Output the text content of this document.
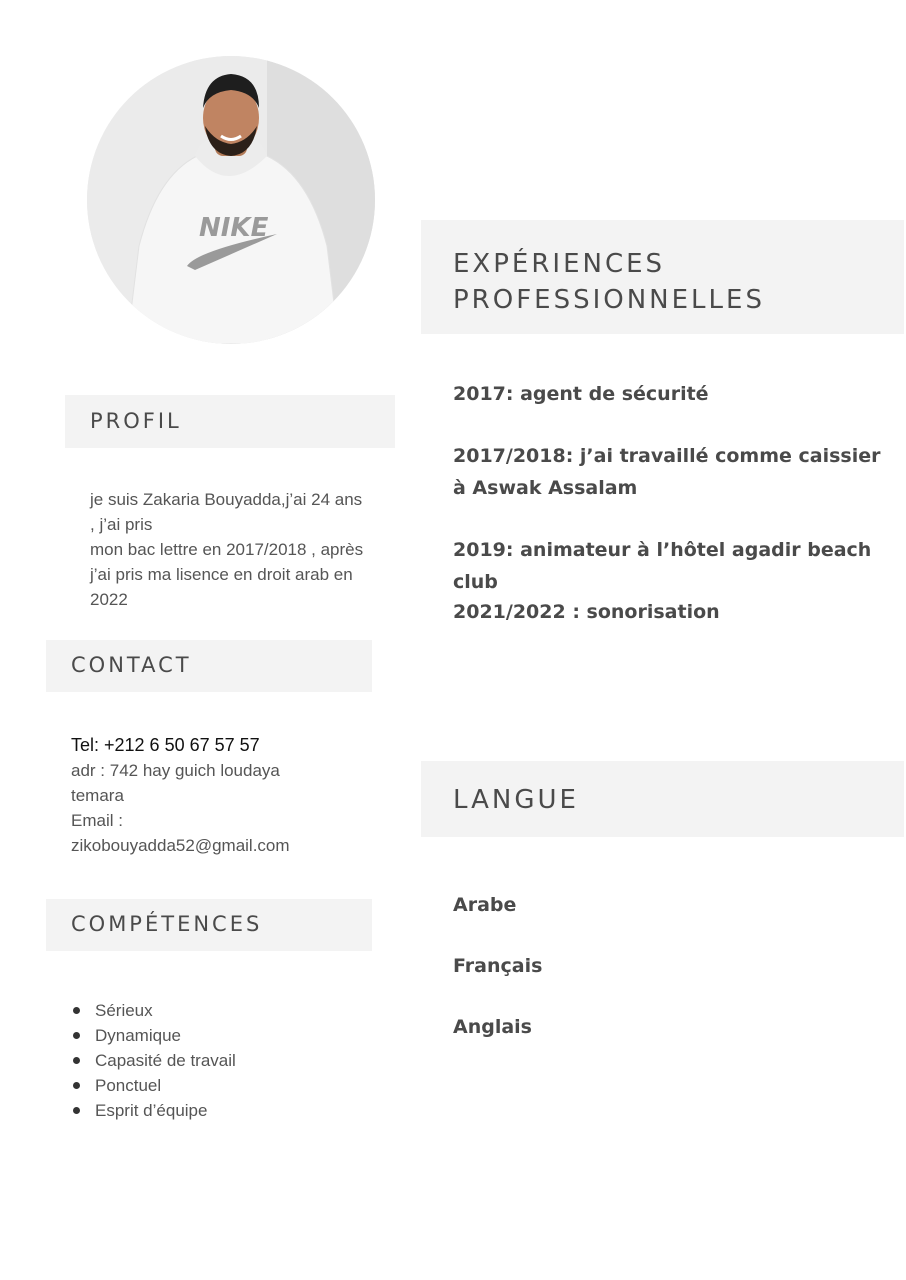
NIKE
PROFIL

je suis Zakaria Bouyadda,j’ai 24 ans
, j’ai pris
mon bac lettre en 2017/2018 , après
j’ai pris ma lisence en droit arab en
2022

CONTACT
Tel: +212 6 50 67 57 57
adr : 742 hay guich loudaya
temara
Email :
zikobouyadda52@gmail.com
COMPÉTENCES
Sérieux
Dynamique
Capasité de travail
Ponctuel
Esprit d’équipe
EXPÉRIENCES
PROFESSIONNELLES

2017: agent de sécurité

2017/2018: j’ai travaillé comme caissier à Aswak Assalam

2019: animateur à l’hôtel agadir beach club

2021/2022 : sonorisation

LANGUE

Arabe

Français

Anglais
